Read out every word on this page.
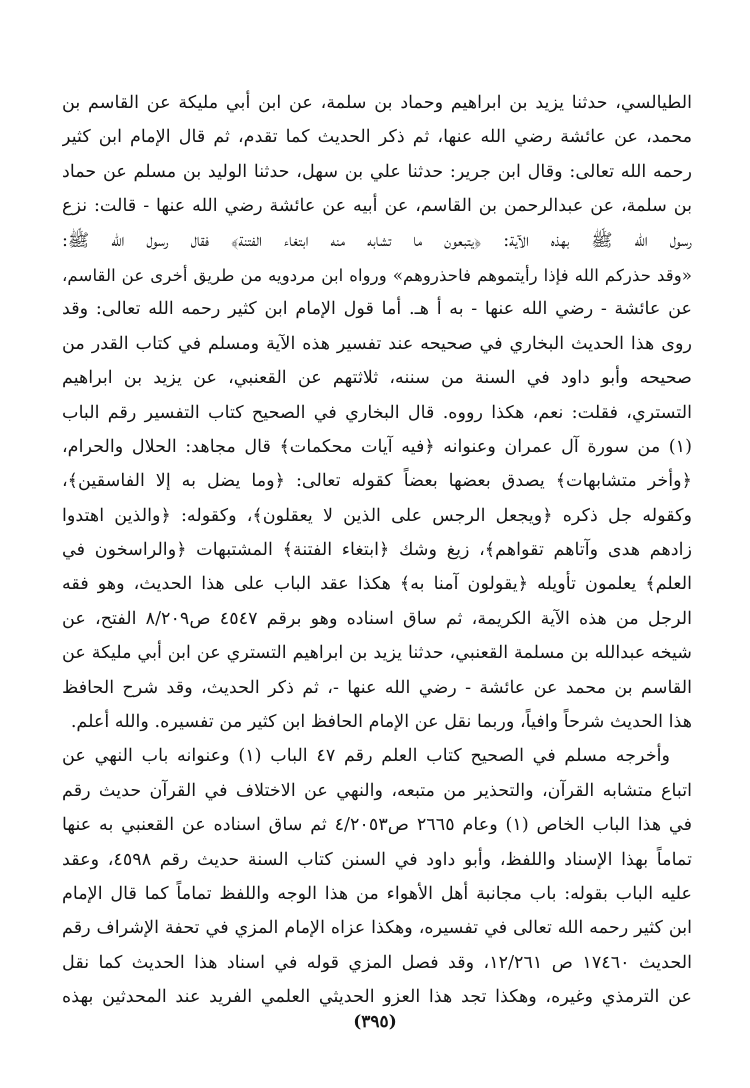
الطيالسي، حدثنا يزيد بن ابراهيم وحماد بن سلمة، عن ابن أبي مليكة عن القاسم بن
محمد، عن عائشة رضي الله عنها، ثم ذكر الحديث كما تقدم، ثم قال الإمام ابن كثير
رحمه الله تعالى: وقال ابن جرير: حدثنا علي بن سهل، حدثنا الوليد بن مسلم عن حماد
بن سلمة، عن عبدالرحمن بن القاسم، عن أبيه عن عائشة رضي الله عنها - قالت: نزع
رسول الله ﷺ بهذه الآية: ﴿يتبعون ما تشابه منه ابتغاء الفتنة﴾ فقال رسول الله ﷺ:
«وقد حذركم الله فإذا رأيتموهم فاحذروهم» ورواه ابن مردويه من طريق أخرى عن القاسم،
عن عائشة - رضي الله عنها - به أ هـ. أما قول الإمام ابن كثير رحمه الله تعالى: وقد
روى هذا الحديث البخاري في صحيحه عند تفسير هذه الآية ومسلم في كتاب القدر من
صحيحه وأبو داود في السنة من سننه، ثلاثتهم عن القعنبي، عن يزيد بن ابراهيم
التستري، فقلت: نعم، هكذا رووه. قال البخاري في الصحيح كتاب التفسير رقم الباب
(١) من سورة آل عمران وعنوانه ﴿فيه آيات محكمات﴾ قال مجاهد: الحلال والحرام،
﴿وأخر متشابهات﴾ يصدق بعضها بعضاً كقوله تعالى: ﴿وما يضل به إلا الفاسقين﴾،
وكقوله جل ذكره ﴿ويجعل الرجس على الذين لا يعقلون﴾، وكقوله: ﴿والذين اهتدوا
زادهم هدى وآتاهم تقواهم﴾، زيغ وشك ﴿ابتغاء الفتنة﴾ المشتبهات ﴿والراسخون في
العلم﴾ يعلمون تأويله ﴿يقولون آمنا به﴾ هكذا عقد الباب على هذا الحديث، وهو فقه
الرجل من هذه الآية الكريمة، ثم ساق اسناده وهو برقم ٤٥٤٧ ص٨/٢٠٩ الفتح، عن
شيخه عبدالله بن مسلمة القعنبي، حدثنا يزيد بن ابراهيم التستري عن ابن أبي مليكة عن
القاسم بن محمد عن عائشة - رضي الله عنها -، ثم ذكر الحديث، وقد شرح الحافظ
هذا الحديث شرحاً وافياً، وربما نقل عن الإمام الحافظ ابن كثير من تفسيره. والله أعلم.
وأخرجه مسلم في الصحيح كتاب العلم رقم ٤٧ الباب (١) وعنوانه باب النهي عن
اتباع متشابه القرآن، والتحذير من متبعه، والنهي عن الاختلاف في القرآن حديث رقم
في هذا الباب الخاص (١) وعام ٢٦٦٥ ص٤/٢٠٥٣ ثم ساق اسناده عن القعنبي به عنها
تماماً بهذا الإسناد واللفظ، وأبو داود في السنن كتاب السنة حديث رقم ٤٥٩٨، وعقد
عليه الباب بقوله: باب مجانبة أهل الأهواء من هذا الوجه واللفظ تماماً كما قال الإمام
ابن كثير رحمه الله تعالى في تفسيره، وهكذا عزاه الإمام المزي في تحفة الإشراف رقم
الحديث ١٧٤٦٠ ص ١٢/٢٦١، وقد فصل المزي قوله في اسناد هذا الحديث كما نقل
عن الترمذي وغيره، وهكذا تجد هذا العزو الحديثي العلمي الفريد عند المحدثين بهذه
(٣٩٥)
